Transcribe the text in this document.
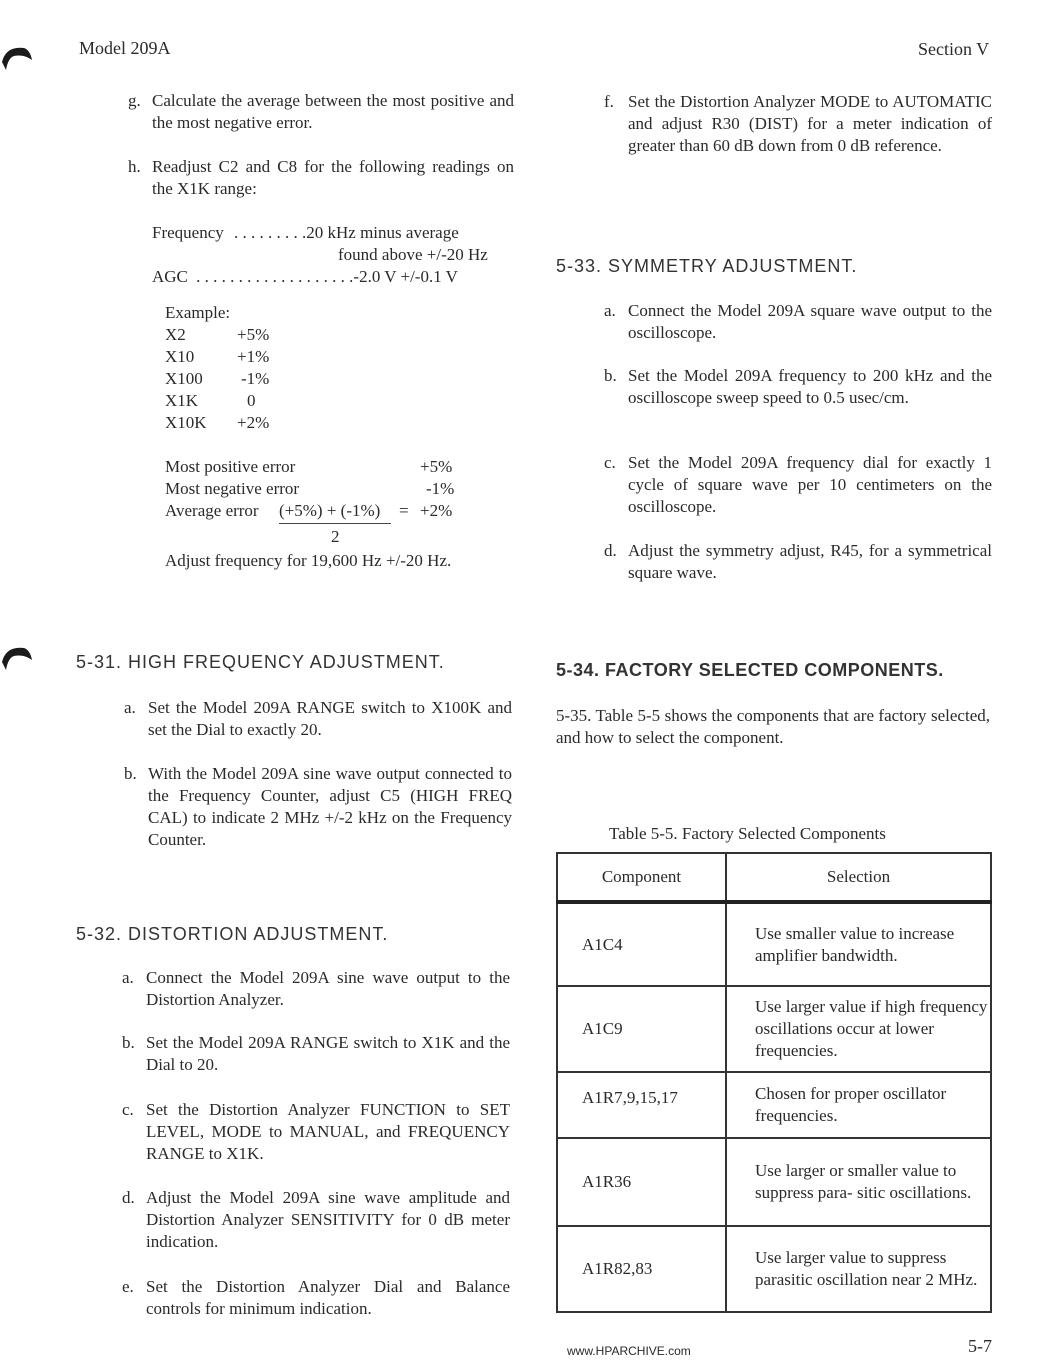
Model 209A	Section V
g. Calculate the average between the most positive and the most negative error.
h. Readjust C2 and C8 for the following readings on the X1K range:
Frequency . . . . . . . . .20 kHz minus average
found above +/-20 Hz
AGC . . . . . . . . . . . . . . . . . . .-2.0 V +/-0.1 V
Example:
X2	+5%
X10	+1%
X100 -1%
X1K	0
X10K +2%
Most positive error	+5%
Most negative error	-1%
Average error (+5%) + (-1%) = +2%
2
Adjust frequency for 19,600 Hz +/-20 Hz.
5-31. HIGH FREQUENCY ADJUSTMENT.
a. Set the Model 209A RANGE switch to X100K and set the Dial to exactly 20.
b. With the Model 209A sine wave output connected to the Frequency Counter, adjust C5 (HIGH FREQ CAL) to indicate 2 MHz +/-2 kHz on the Frequency Counter.
5-32. DISTORTION ADJUSTMENT.
a. Connect the Model 209A sine wave output to the Distortion Analyzer.
b. Set the Model 209A RANGE switch to X1K and the Dial to 20.
c. Set the Distortion Analyzer FUNCTION to SET LEVEL, MODE to MANUAL, and FREQUENCY RANGE to X1K.
d. Adjust the Model 209A sine wave amplitude and Distortion Analyzer SENSITIVITY for 0 dB meter indication.
e. Set the Distortion Analyzer Dial and Balance controls for minimum indication.
f. Set the Distortion Analyzer MODE to AUTOMATIC and adjust R30 (DIST) for a meter indication of greater than 60 dB down from 0 dB reference.
5-33. SYMMETRY ADJUSTMENT.
a. Connect the Model 209A square wave output to the oscilloscope.
b. Set the Model 209A frequency to 200 kHz and the oscilloscope sweep speed to 0.5 usec/cm.
c. Set the Model 209A frequency dial for exactly 1 cycle of square wave per 10 centimeters on the oscilloscope.
d. Adjust the symmetry adjust, R45, for a symmetrical square wave.
5-34. FACTORY SELECTED COMPONENTS.
5-35. Table 5-5 shows the components that are factory selected, and how to select the component.
Table 5-5. Factory Selected Components
Component	Selection
A1C4	Use smaller value to increase amplifier bandwidth.
A1C9	Use larger value if high frequency oscillations occur at lower frequencies.
A1R7,9,15,17	Chosen for proper oscillator frequencies.
A1R36	Use larger or smaller value to suppress para- sitic oscillations.
A1R82,83	Use larger value to suppress parasitic oscillation near 2 MHz.
www.HPARCHIVE.com	5-7
